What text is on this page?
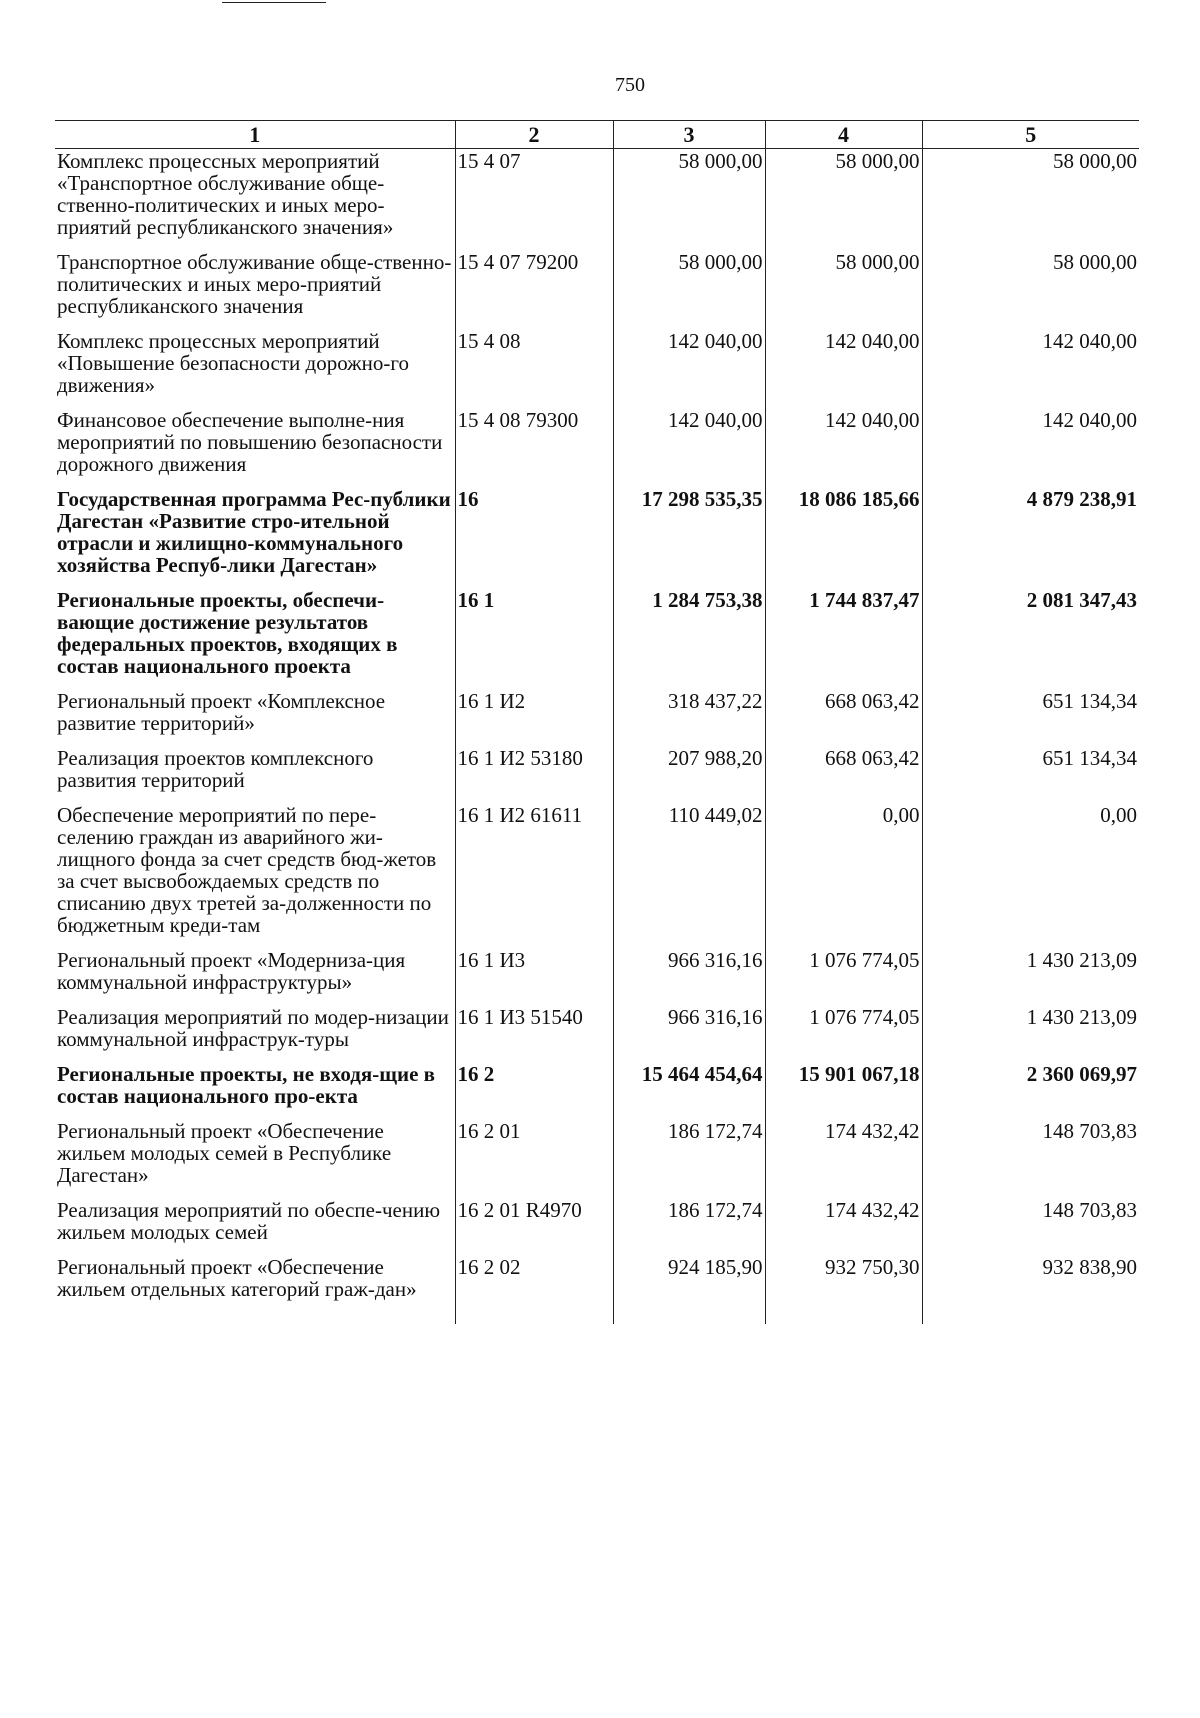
750
1	2	3	4	5
Комплекс процессных мероприятий «Транспортное обслуживание обще-ственно-политических и иных меро-приятий республиканского значения»	15 4 07	58 000,00	58 000,00	58 000,00
Транспортное обслуживание обще-ственно-политических и иных меро-приятий республиканского значения	15 4 07 79200	58 000,00	58 000,00	58 000,00
Комплекс процессных мероприятий «Повышение безопасности дорожно-го движения»	15 4 08	142 040,00	142 040,00	142 040,00
Финансовое обеспечение выполне-ния мероприятий по повышению безопасности дорожного движения	15 4 08 79300	142 040,00	142 040,00	142 040,00
Государственная программа Рес-публики Дагестан «Развитие стро-ительной отрасли и жилищно-коммунального хозяйства Респуб-лики Дагестан»	16	17 298 535,35	18 086 185,66	4 879 238,91
Региональные проекты, обеспечи-вающие достижение результатов федеральных проектов, входящих в состав национального проекта	16 1	1 284 753,38	1 744 837,47	2 081 347,43
Региональный проект «Комплексное развитие территорий»	16 1 И2	318 437,22	668 063,42	651 134,34
Реализация проектов комплексного развития территорий	16 1 И2 53180	207 988,20	668 063,42	651 134,34
Обеспечение мероприятий по пере-селению граждан из аварийного жи-лищного фонда за счет средств бюд-жетов за счет высвобождаемых средств по списанию двух третей за-долженности по бюджетным креди-там	16 1 И2 61611	110 449,02	0,00	0,00
Региональный проект «Модерниза-ция коммунальной инфраструктуры»	16 1 И3	966 316,16	1 076 774,05	1 430 213,09
Реализация мероприятий по модер-низации коммунальной инфраструк-туры	16 1 И3 51540	966 316,16	1 076 774,05	1 430 213,09
Региональные проекты, не входя-щие в состав национального про-екта	16 2	15 464 454,64	15 901 067,18	2 360 069,97
Региональный проект «Обеспечение жильем молодых семей в Республике Дагестан»	16 2 01	186 172,74	174 432,42	148 703,83
Реализация мероприятий по обеспе-чению жильем молодых семей	16 2 01 R4970	186 172,74	174 432,42	148 703,83
Региональный проект «Обеспечение жильем отдельных категорий граж-дан»	16 2 02	924 185,90	932 750,30	932 838,90
